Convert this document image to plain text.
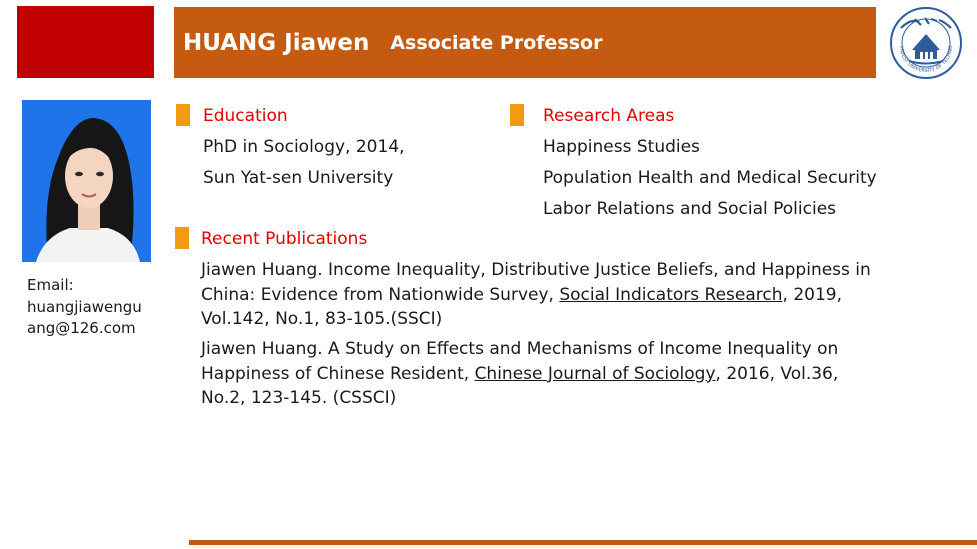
HUANG Jiawen Associate Professor	HWEST UNIVERSITY OF TECHNO
Email:
huangjiawengu
ang@126.com
Education
PhD in Sociology, 2014,
Sun Yat-sen University
Research Areas
Happiness Studies
Population Health and Medical Security
Labor Relations and Social Policies
Recent Publications
Jiawen Huang. Income Inequality, Distributive Justice Beliefs, and Happiness in China: Evidence from Nationwide Survey, Social Indicators Research, 2019, Vol.142, No.1, 83-105.(SSCI)
Jiawen Huang. A Study on Effects and Mechanisms of Income Inequality on Happiness of Chinese Resident, Chinese Journal of Sociology, 2016, Vol.36, No.2, 123-145. (CSSCI)
